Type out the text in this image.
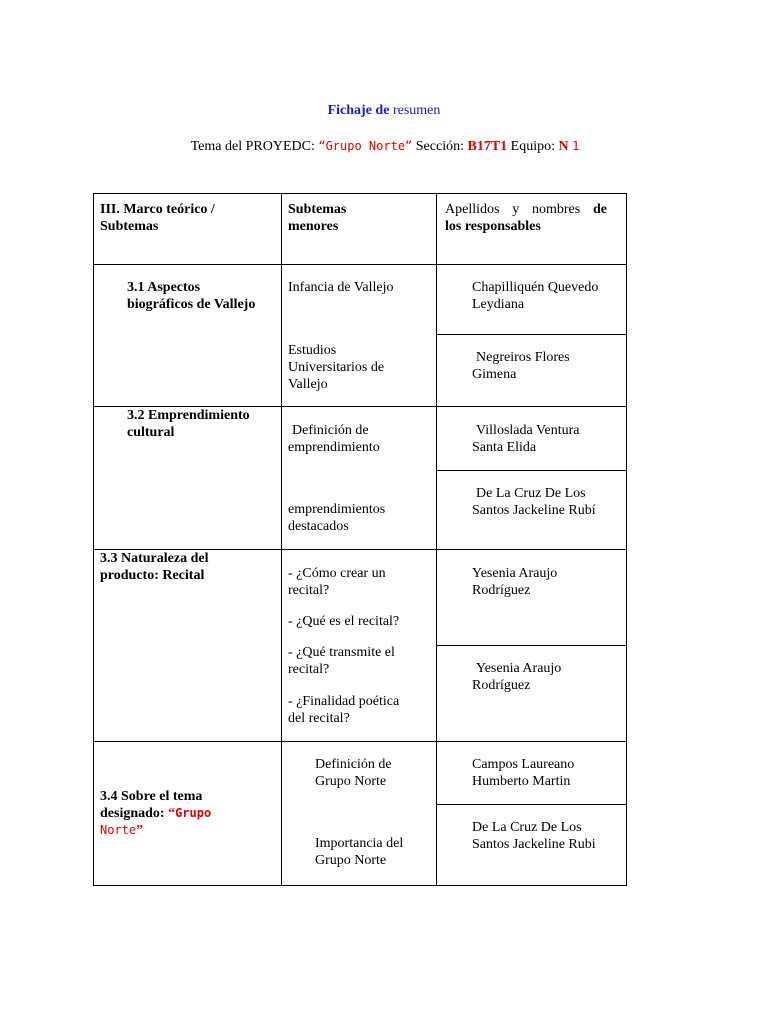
Fichaje de resumen
Tema del PROYEDC: “Grupo Norte” Sección: B17T1 Equipo: N 1
III. Marco teórico /
Subtemas
Subtemas
menores
Apellidos y nombres de
los responsables
3.1 Aspectos
biográficos de Vallejo
Infancia de Vallejo
Estudios
Universitarios de
Vallejo
Chapilliquén Quevedo
Leydiana
Negreiros Flores
Gimena
3.2 Emprendimiento
cultural	Definición de
emprendimiento
emprendimientos
destacados
Villoslada Ventura
Santa Elida
De La Cruz De Los
Santos Jackeline Rubí
3.3 Naturaleza del
producto: Recital	- ¿Cómo crear un
recital?
- ¿Qué es el recital?
- ¿Qué transmite el
recital?
- ¿Finalidad poética
del recital?
Yesenia Araujo
Rodríguez
Yesenia Araujo
Rodríguez
3.4 Sobre el tema
designado: “Grupo
Norte”
Definición de
Grupo Norte
Importancia del
Grupo Norte
Campos Laureano
Humberto Martin
De La Cruz De Los
Santos Jackeline Rubi
